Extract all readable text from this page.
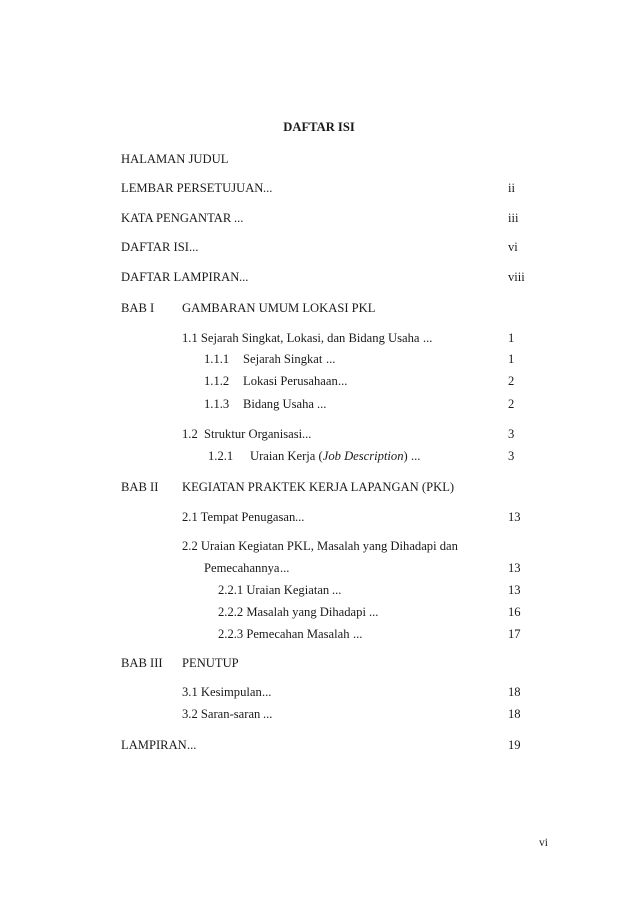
DAFTAR ISI
HALAMAN JUDUL
LEMBAR PERSETUJUAN ...	ii
KATA PENGANTAR ...	iii
DAFTAR ISI ...	vi
DAFTAR LAMPIRAN ...	viii
BAB I GAMBARAN UMUM LOKASI PKL
1.1 Sejarah Singkat, Lokasi, dan Bidang Usaha ...	1
1.1.1 Sejarah Singkat ...	1
1.1.2 Lokasi Perusahaan ...	2
1.1.3 Bidang Usaha ...	2
1.2  Struktur Organisasi ...	3
1.2.1 Uraian Kerja (Job Description) ...	3
BAB II KEGIATAN PRAKTEK KERJA LAPANGAN (PKL)
2.1 Tempat Penugasan ...	13
2.2 Uraian Kegiatan PKL, Masalah yang Dihadapi dan
Pemecahannya ...	13
2.2.1 Uraian Kegiatan ...	13
2.2.2 Masalah yang Dihadapi ...	16
2.2.3 Pemecahan Masalah ...	17
BAB III PENUTUP
3.1 Kesimpulan ...	18
3.2 Saran-saran ...	18
LAMPIRAN ...	19
vi
